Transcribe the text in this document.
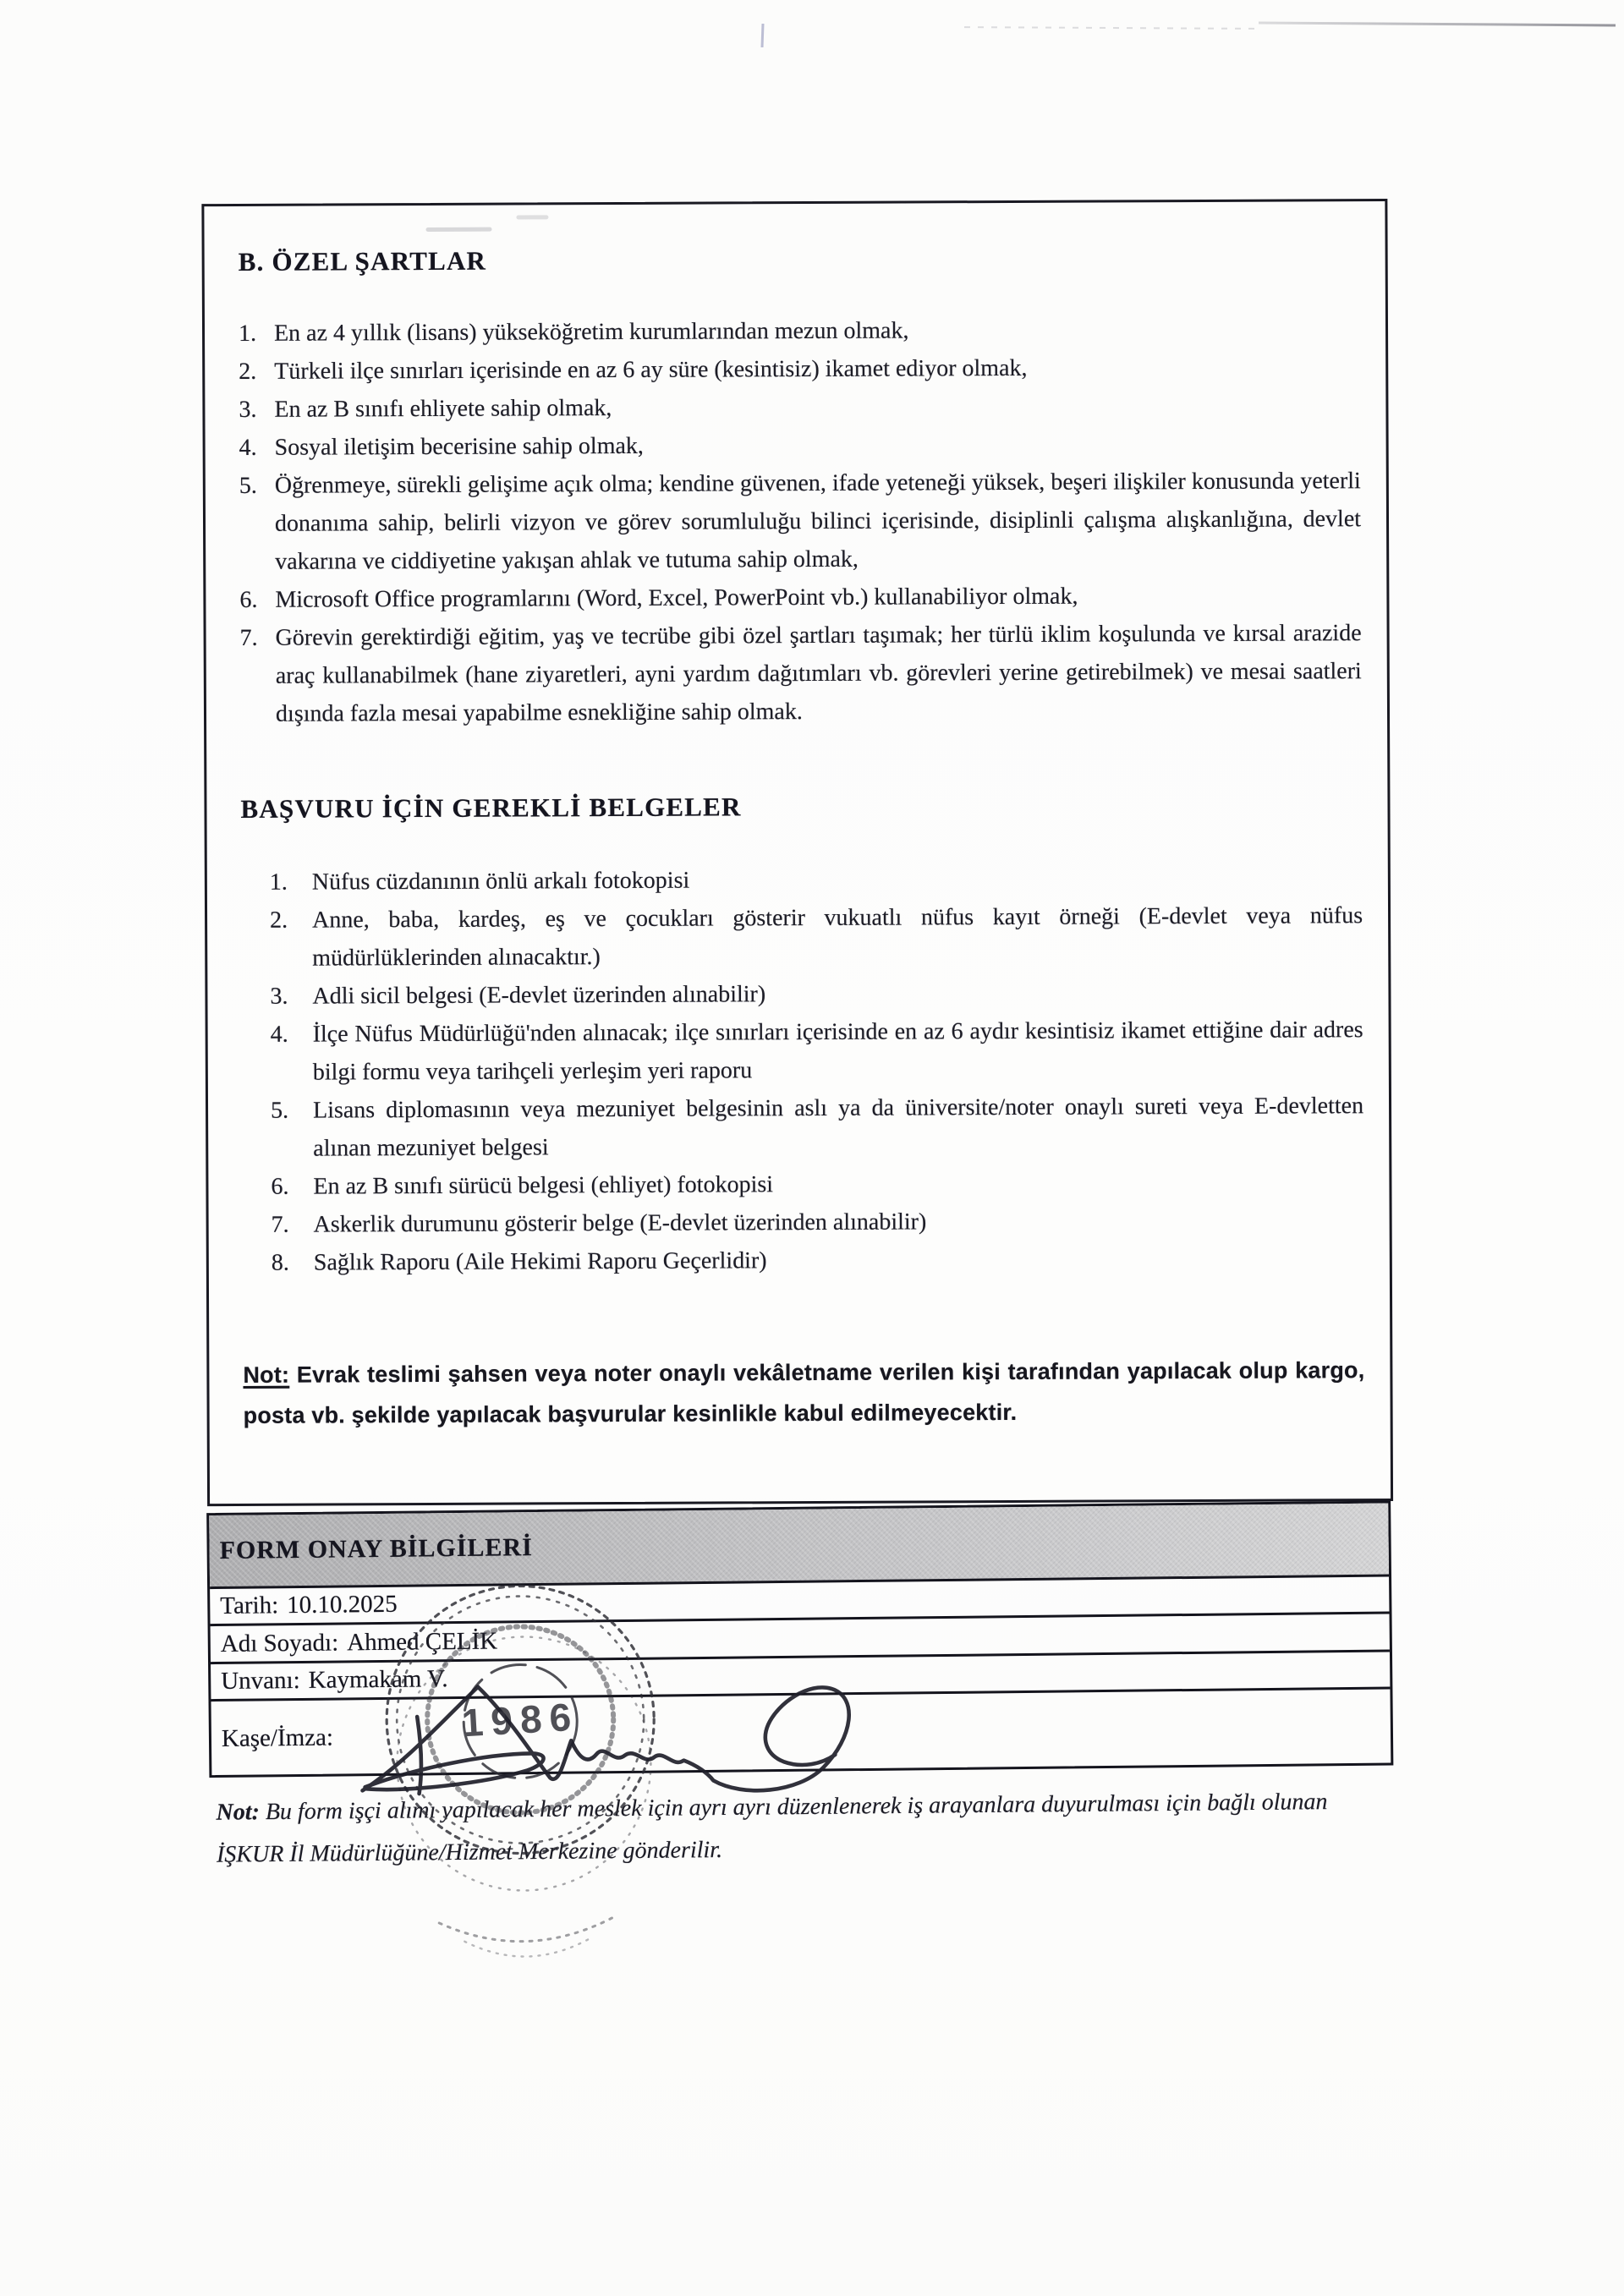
B. ÖZEL ŞARTLAR
1. En az 4 yıllık (lisans) yükseköğretim kurumlarından mezun olmak,
2. Türkeli ilçe sınırları içerisinde en az 6 ay süre (kesintisiz) ikamet ediyor olmak,
3. En az B sınıfı ehliyete sahip olmak,
4. Sosyal iletişim becerisine sahip olmak,
5. Öğrenmeye, sürekli gelişime açık olma; kendine güvenen, ifade yeteneği yüksek, beşeri ilişkiler konusunda yeterli donanıma sahip, belirli vizyon ve görev sorumluluğu bilinci içerisinde, disiplinli çalışma alışkanlığına, devlet vakarına ve ciddiyetine yakışan ahlak ve tutuma sahip olmak,
6. Microsoft Office programlarını (Word, Excel, PowerPoint vb.) kullanabiliyor olmak,
7. Görevin gerektirdiği eğitim, yaş ve tecrübe gibi özel şartları taşımak; her türlü iklim koşulunda ve kırsal arazide araç kullanabilmek (hane ziyaretleri, ayni yardım dağıtımları vb. görevleri yerine getirebilmek) ve mesai saatleri dışında fazla mesai yapabilme esnekliğine sahip olmak.
BAŞVURU İÇİN GEREKLİ BELGELER
1.	Nüfus cüzdanının önlü arkalı fotokopisi
2.	Anne, baba, kardeş, eş ve çocukları gösterir vukuatlı nüfus kayıt örneği (E-devlet veya nüfus müdürlüklerinden alınacaktır.)
3.	Adli sicil belgesi (E-devlet üzerinden alınabilir)
4.	İlçe Nüfus Müdürlüğü'nden alınacak; ilçe sınırları içerisinde en az 6 aydır kesintisiz ikamet ettiğine dair adres bilgi formu veya tarihçeli yerleşim yeri raporu
5.	Lisans diplomasının veya mezuniyet belgesinin aslı ya da üniversite/noter onaylı sureti veya E-devletten alınan mezuniyet belgesi
6.	En az B sınıfı sürücü belgesi (ehliyet) fotokopisi
7.	Askerlik durumunu gösterir belge (E-devlet üzerinden alınabilir)
8.	Sağlık Raporu (Aile Hekimi Raporu Geçerlidir)

Not: Evrak teslimi şahsen veya noter onaylı vekâletname verilen kişi tarafından yapılacak olup kargo, posta vb. şekilde yapılacak başvurular kesinlikle kabul edilmeyecektir.

FORM ONAY BİLGİLERİ
Tarih: 10.10.2025
Adı Soyadı: Ahmed ÇELİK
Unvanı: Kaymakam V.
Kaşe/İmza:	1986

Not: Bu form işçi alımı yapılacak her meslek için ayrı ayrı düzenlenerek iş arayanlara duyurulması için bağlı olunan İŞKUR İl Müdürlüğüne/Hizmet Merkezine gönderilir.
